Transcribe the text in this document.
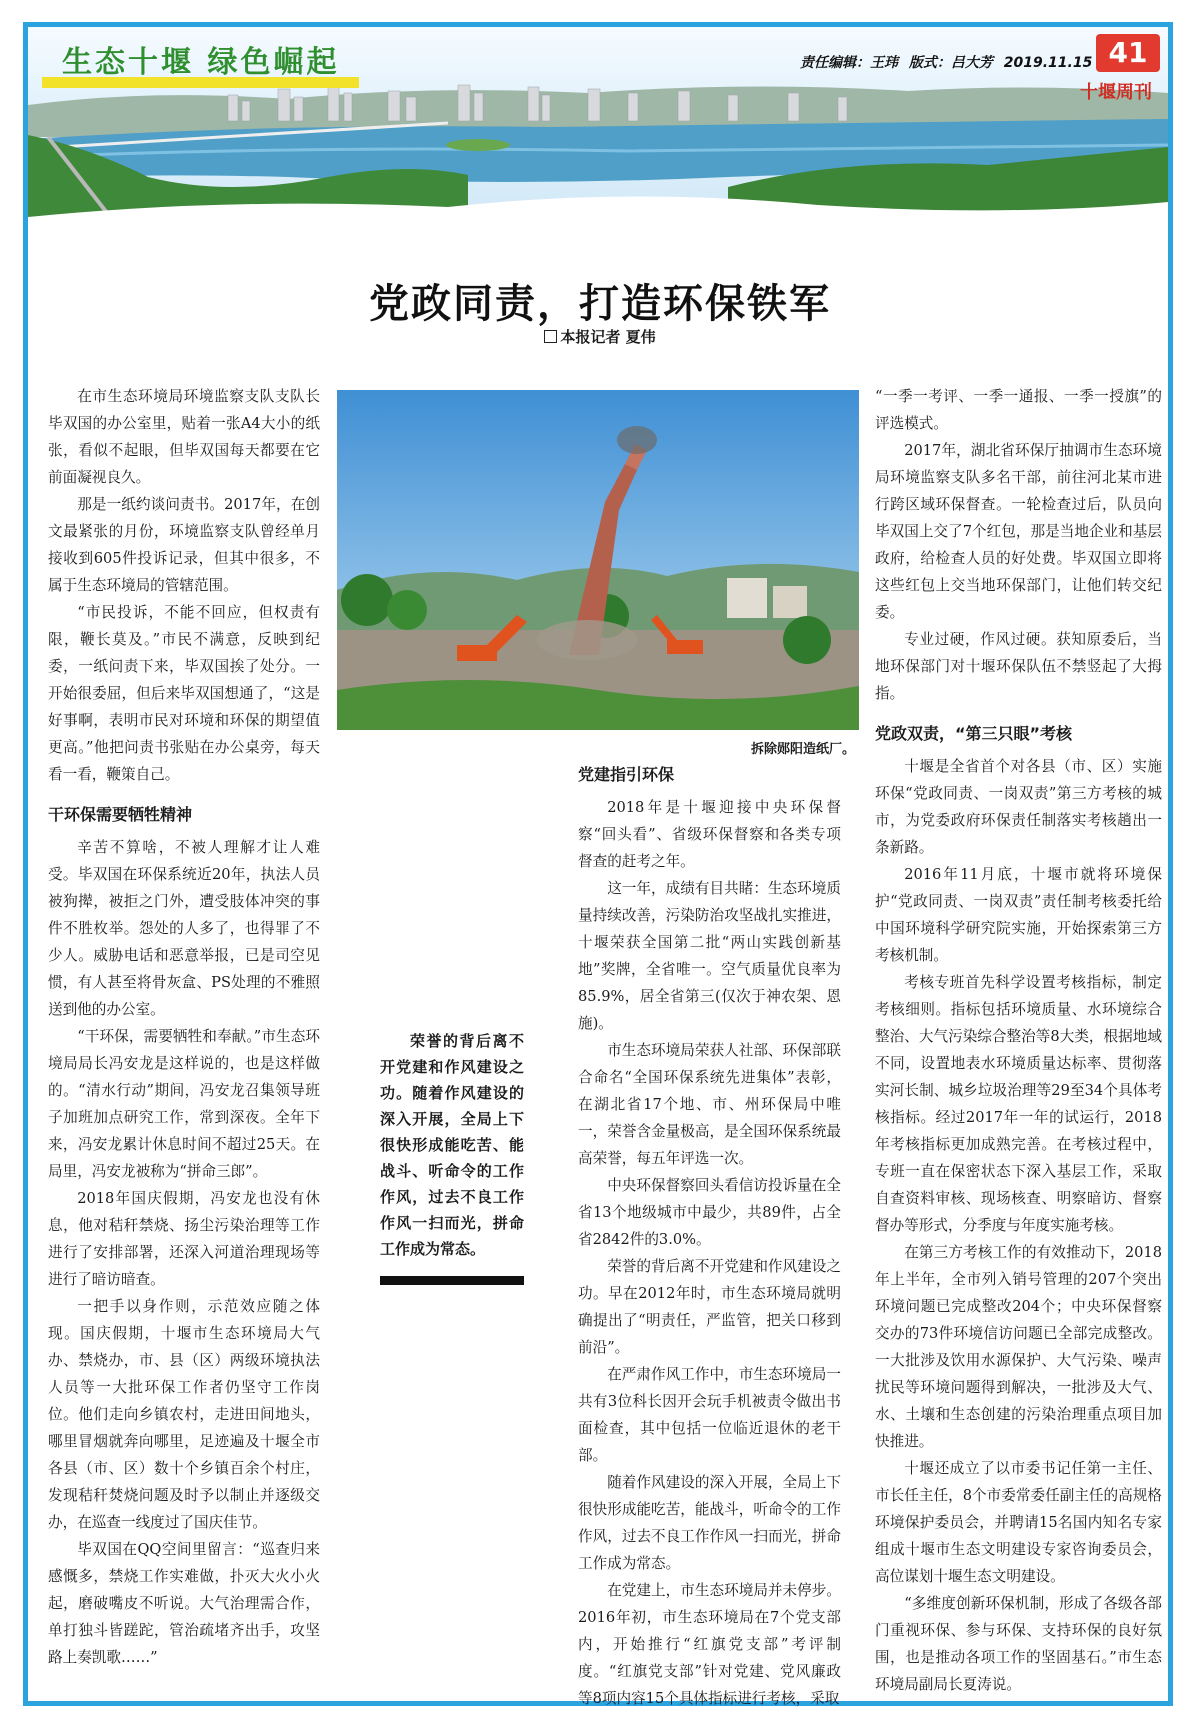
生态十堰 绿色崛起	责任编辑：王玮 版式：吕大芳 2019.11.15 41
十堰周刊
党政同责，打造环保铁军
本报记者 夏伟

在市生态环境局环境监察支队支队长毕双国的办公室里，贴着一张A4大小的纸张，看似不起眼，但毕双国每天都要在它前面凝视良久。

那是一纸约谈问责书。2017年，在创文最紧张的月份，环境监察支队曾经单月接收到605件投诉记录，但其中很多，不属于生态环境局的管辖范围。

“市民投诉，不能不回应，但权责有限，鞭长莫及。”市民不满意，反映到纪委，一纸问责下来，毕双国挨了处分。一开始很委屈，但后来毕双国想通了，“这是好事啊，表明市民对环境和环保的期望值更高。”他把问责书张贴在办公桌旁，每天看一看，鞭策自己。

干环保需要牺牲精神

辛苦不算啥，不被人理解才让人难受。毕双国在环保系统近20年，执法人员被狗撵，被拒之门外，遭受肢体冲突的事件不胜枚举。怨处的人多了，也得罪了不少人。威胁电话和恶意举报，已是司空见惯，有人甚至将骨灰盒、PS处理的不雅照送到他的办公室。

“干环保，需要牺牲和奉献。”市生态环境局局长冯安龙是这样说的，也是这样做的。“清水行动”期间，冯安龙召集领导班子加班加点研究工作，常到深夜。全年下来，冯安龙累计休息时间不超过25天。在局里，冯安龙被称为“拼命三郎”。

2018年国庆假期，冯安龙也没有休息，他对秸秆禁烧、扬尘污染治理等工作进行了安排部署，还深入河道治理现场等进行了暗访暗查。

一把手以身作则，示范效应随之体现。国庆假期，十堰市生态环境局大气办、禁烧办，市、县（区）两级环境执法人员等一大批环保工作者仍坚守工作岗位。他们走向乡镇农村，走进田间地头，哪里冒烟就奔向哪里，足迹遍及十堰全市各县（市、区）数十个乡镇百余个村庄，发现秸秆焚烧问题及时予以制止并逐级交办，在巡查一线度过了国庆佳节。

毕双国在QQ空间里留言：“巡查归来感慨多，禁烧工作实难做，扑灭大火小火起，磨破嘴皮不听说。大气治理需合作，单打独斗皆蹉跎，管治疏堵齐出手，攻坚路上奏凯歌……”

拆除郧阳造纸厂。

荣誉的背后离不开党建和作风建设之功。随着作风建设的深入开展，全局上下很快形成能吃苦、能战斗、听命令的工作作风，过去不良工作作风一扫而光，拼命工作成为常态。

党建指引环保

2018年是十堰迎接中央环保督察“回头看”、省级环保督察和各类专项督查的赶考之年。

这一年，成绩有目共睹：生态环境质量持续改善，污染防治攻坚战扎实推进，十堰荣获全国第二批“两山实践创新基地”奖牌，全省唯一。空气质量优良率为85.9%，居全省第三(仅次于神农架、恩施)。

市生态环境局荣获人社部、环保部联合命名“全国环保系统先进集体”表彰，在湖北省17个地、市、州环保局中唯一，荣誉含金量极高，是全国环保系统最高荣誉，每五年评选一次。

中央环保督察回头看信访投诉量在全省13个地级城市中最少，共89件，占全省2842件的3.0%。

荣誉的背后离不开党建和作风建设之功。早在2012年时，市生态环境局就明确提出了“明责任，严监管，把关口移到前沿”。

在严肃作风工作中，市生态环境局一共有3位科长因开会玩手机被责令做出书面检查，其中包括一位临近退休的老干部。

随着作风建设的深入开展，全局上下很快形成能吃苦，能战斗，听命令的工作作风，过去不良工作作风一扫而光，拼命工作成为常态。

在党建上，市生态环境局并未停步。2016年初，市生态环境局在7个党支部内，开始推行“红旗党支部”考评制度。“红旗党支部”针对党建、党风廉政等8项内容15个具体指标进行考核，采取

“一季一考评、一季一通报、一季一授旗”的评选模式。

2017年，湖北省环保厅抽调市生态环境局环境监察支队多名干部，前往河北某市进行跨区域环保督查。一轮检查过后，队员向毕双国上交了7个红包，那是当地企业和基层政府，给检查人员的好处费。毕双国立即将这些红包上交当地环保部门，让他们转交纪委。

专业过硬，作风过硬。获知原委后，当地环保部门对十堰环保队伍不禁竖起了大拇指。

党政双责，“第三只眼”考核

十堰是全省首个对各县（市、区）实施环保“党政同责、一岗双责”第三方考核的城市，为党委政府环保责任制落实考核趟出一条新路。

2016年11月底，十堰市就将环境保护“党政同责、一岗双责”责任制考核委托给中国环境科学研究院实施，开始探索第三方考核机制。

考核专班首先科学设置考核指标，制定考核细则。指标包括环境质量、水环境综合整治、大气污染综合整治等8大类，根据地域不同，设置地表水环境质量达标率、贯彻落实河长制、城乡垃圾治理等29至34个具体考核指标。经过2017年一年的试运行，2018年考核指标更加成熟完善。在考核过程中，专班一直在保密状态下深入基层工作，采取自查资料审核、现场核查、明察暗访、督察督办等形式，分季度与年度实施考核。

在第三方考核工作的有效推动下，2018年上半年，全市列入销号管理的207个突出环境问题已完成整改204个；中央环保督察交办的73件环境信访问题已全部完成整改。一大批涉及饮用水源保护、大气污染、噪声扰民等环境问题得到解决，一批涉及大气、水、土壤和生态创建的污染治理重点项目加快推进。

十堰还成立了以市委书记任第一主任、市长任主任，8个市委常委任副主任的高规格环境保护委员会，并聘请15名国内知名专家组成十堰市生态文明建设专家咨询委员会，高位谋划十堰生态文明建设。

“多维度创新环保机制，形成了各级各部门重视环保、参与环保、支持环保的良好氛围，也是推动各项工作的坚固基石。”市生态环境局副局长夏涛说。
